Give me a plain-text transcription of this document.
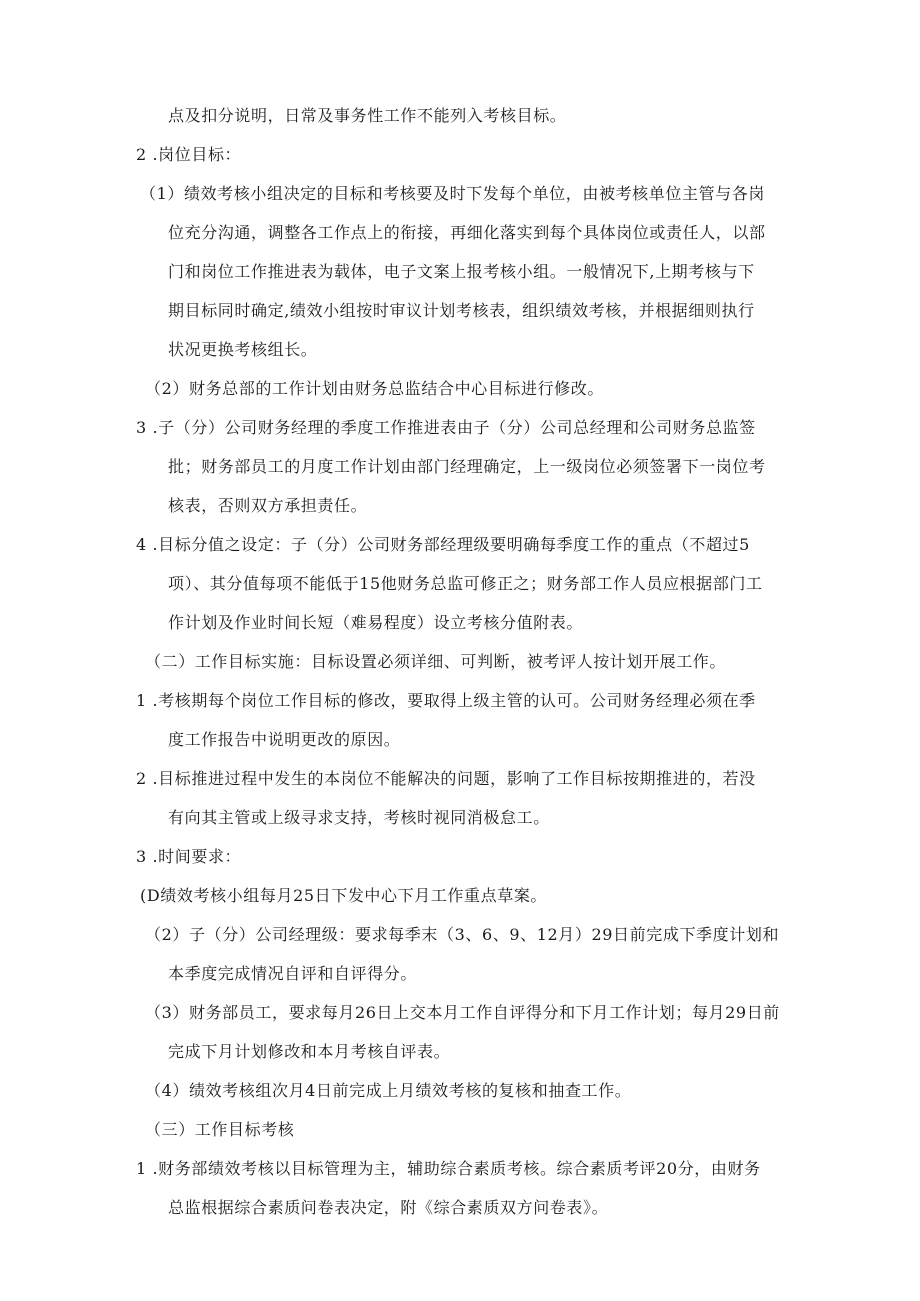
点及扣分说明，日常及事务性工作不能列入考核目标。
2 .岗位目标：
（1）绩效考核小组决定的目标和考核要及时下发每个单位，由被考核单位主管与各岗
位充分沟通，调整各工作点上的衔接，再细化落实到每个具体岗位或责任人，以部
门和岗位工作推进表为载体，电子文案上报考核小组。一般情况下,上期考核与下
期目标同时确定,绩效小组按时审议计划考核表，组织绩效考核，并根据细则执行
状况更换考核组长。
（2）财务总部的工作计划由财务总监结合中心目标进行修改。
3 .子（分）公司财务经理的季度工作推进表由子（分）公司总经理和公司财务总监签
批；财务部员工的月度工作计划由部门经理确定，上一级岗位必须签署下一岗位考
核表，否则双方承担责任。
4 .目标分值之设定：子（分）公司财务部经理级要明确每季度工作的重点（不超过5
项）、其分值每项不能低于15他财务总监可修正之；财务部工作人员应根据部门工
作计划及作业时间长短（难易程度）设立考核分值附表。
（二）工作目标实施：目标设置必须详细、可判断，被考评人按计划开展工作。
1 .考核期每个岗位工作目标的修改，要取得上级主管的认可。公司财务经理必须在季
度工作报告中说明更改的原因。
2 .目标推进过程中发生的本岗位不能解决的问题，影响了工作目标按期推进的，若没
有向其主管或上级寻求支持，考核时视同消极怠工。
3 .时间要求：
(D绩效考核小组每月25日下发中心下月工作重点草案。
（2）子（分）公司经理级：要求每季末（3、6、9、12月）29日前完成下季度计划和
本季度完成情况自评和自评得分。
（3）财务部员工，要求每月26日上交本月工作自评得分和下月工作计划；每月29日前
完成下月计划修改和本月考核自评表。
（4）绩效考核组次月4日前完成上月绩效考核的复核和抽查工作。
（三）工作目标考核
1 .财务部绩效考核以目标管理为主，辅助综合素质考核。综合素质考评20分，由财务
总监根据综合素质问卷表决定，附《综合素质双方问卷表》。
